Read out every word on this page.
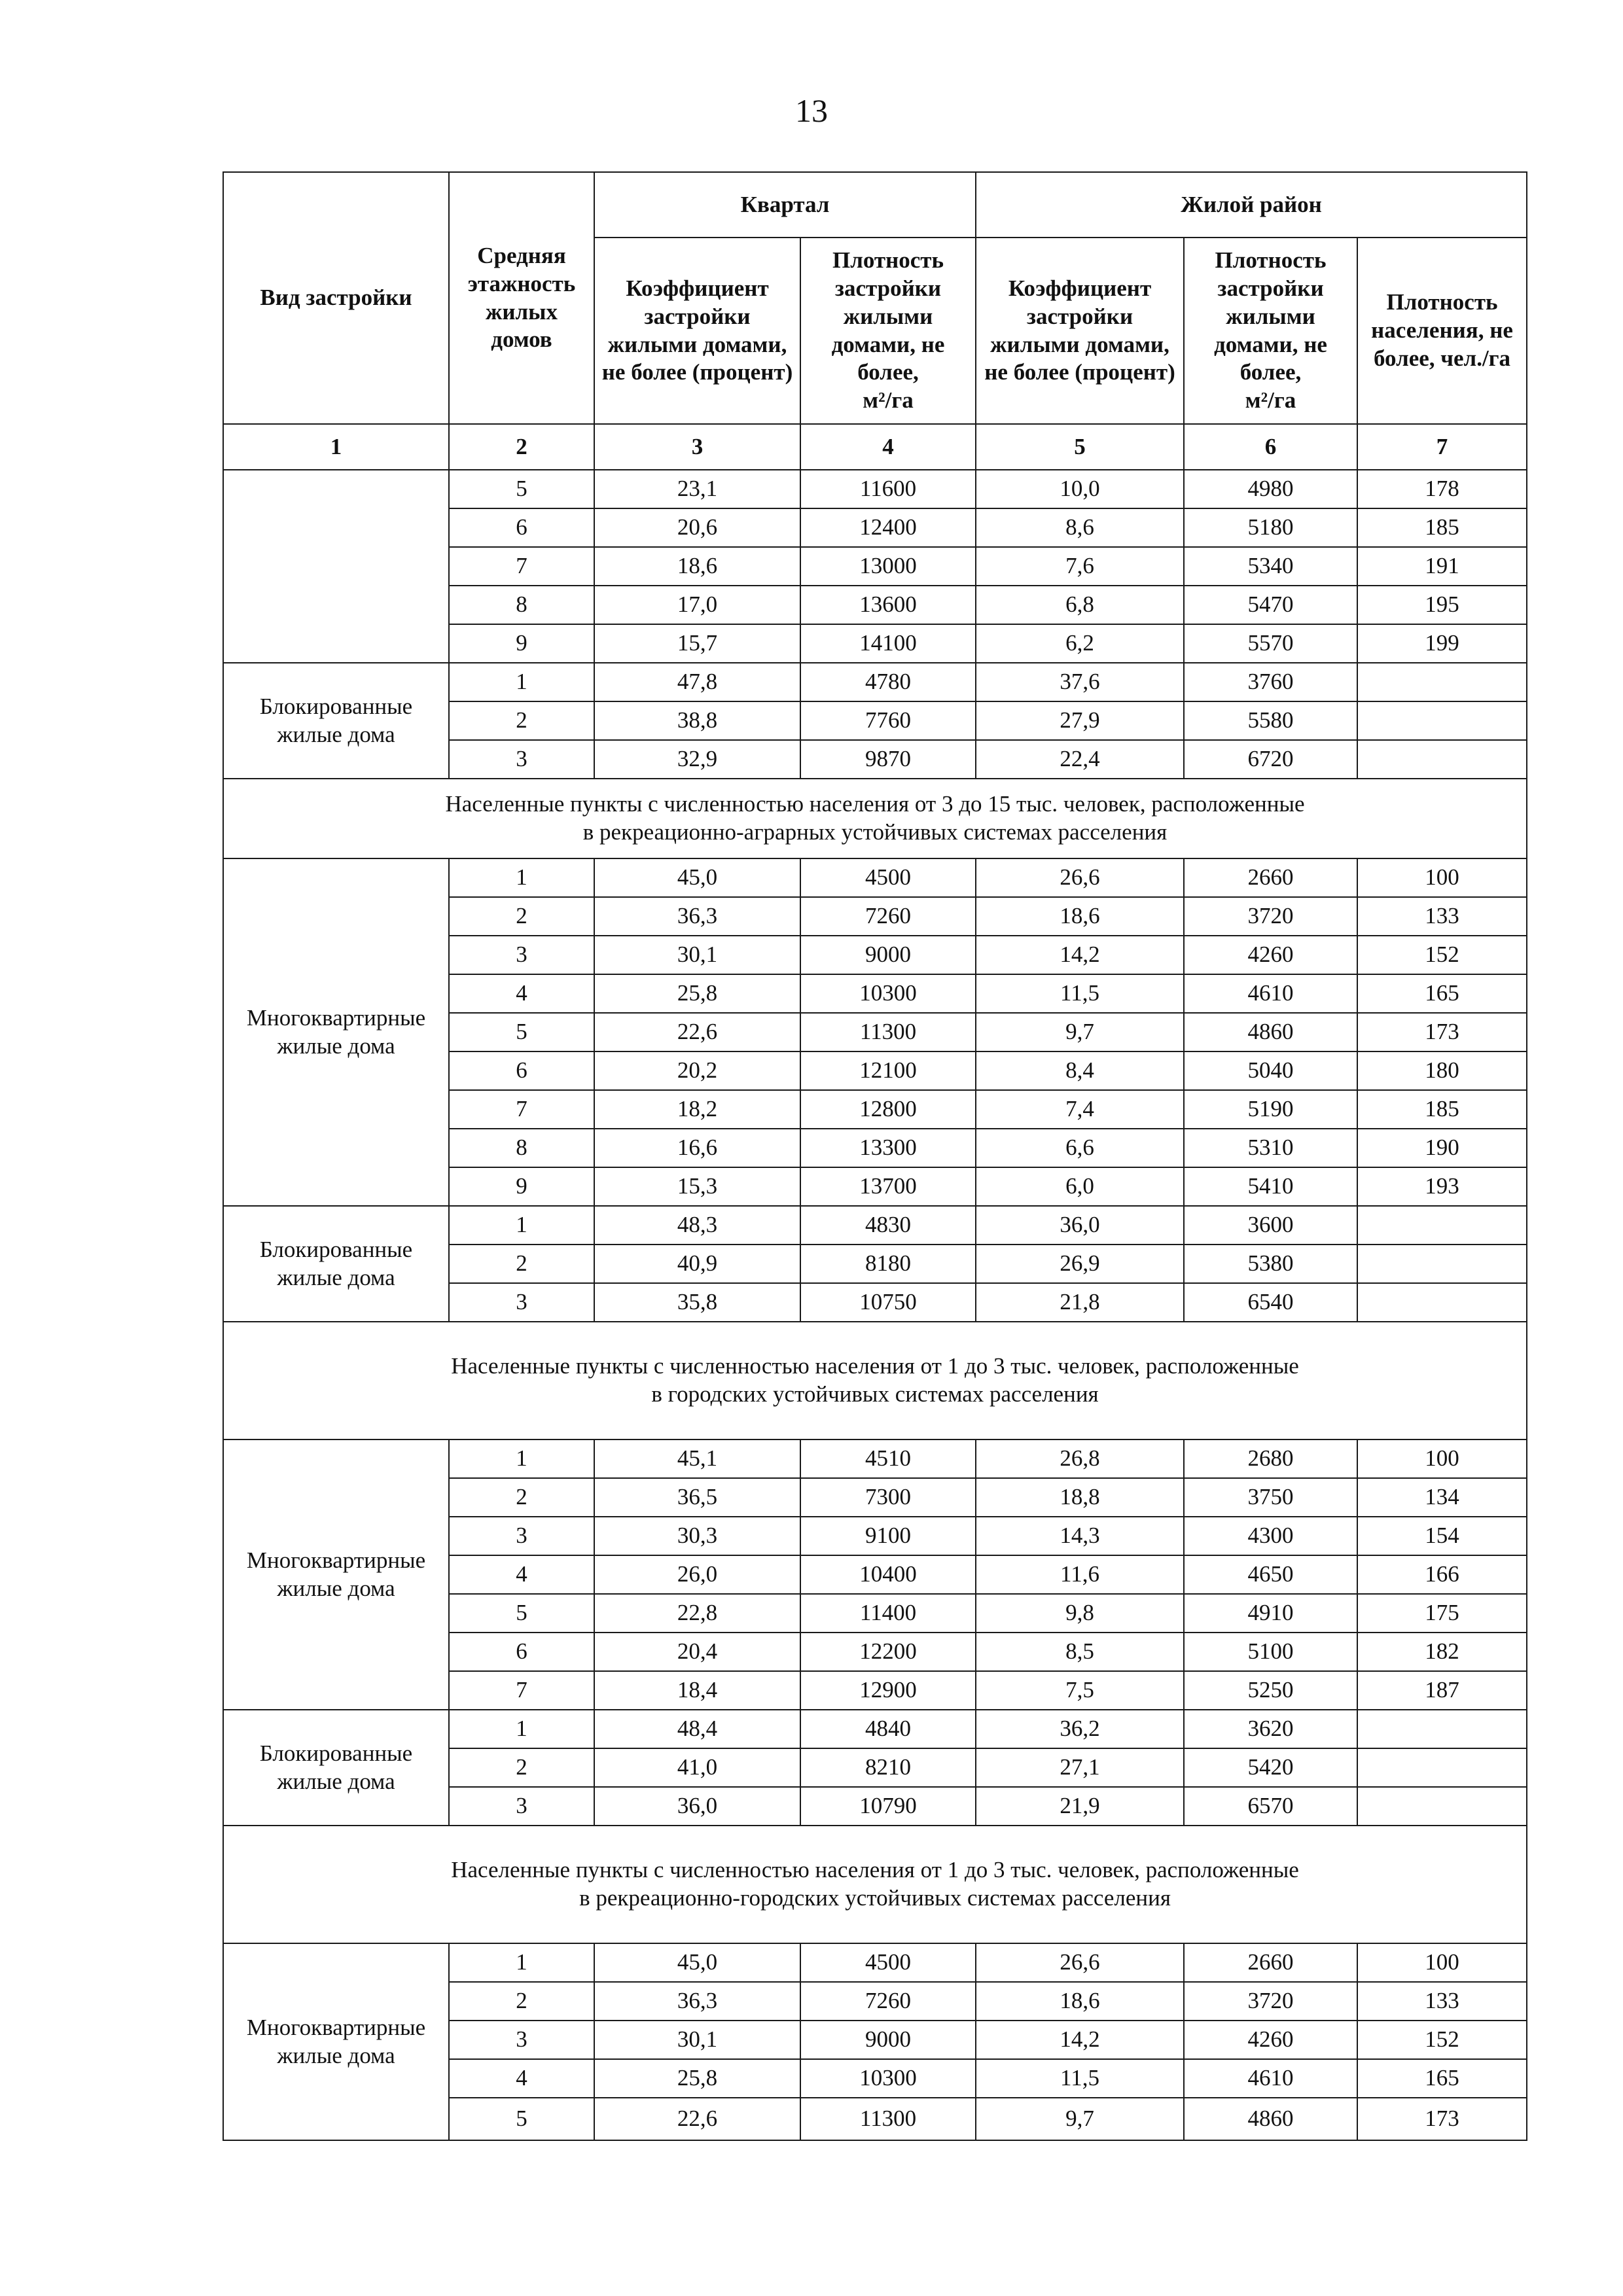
13
Вид застройки	Средняя этажность жилых домов	Квартал		Жилой район		
		Коэффициент застройки жилыми домами, не более (процент)	Плотность застройки жилыми домами, не более,
м²/га	Коэффициент застройки жилыми домами, не более (процент)	Плотность застройки жилыми домами, не более,
м²/га	Плотность населения, не более, чел./га
1	2	3	4	5	6	7
	5	23,1	11600	10,0	4980	178
	6	20,6	12400	8,6	5180	185
	7	18,6	13000	7,6	5340	191
	8	17,0	13600	6,8	5470	195
	9	15,7	14100	6,2	5570	199
Блокированные жилые дома	1	47,8	4780	37,6	3760	
	2	38,8	7760	27,9	5580	
	3	32,9	9870	22,4	6720	
Населенные пункты с численностью населения от 3 до 15 тыс. человек, расположенные
в рекреационно-аграрных устойчивых системах расселения						
Многоквартирные жилые дома	1	45,0	4500	26,6	2660	100
	2	36,3	7260	18,6	3720	133
	3	30,1	9000	14,2	4260	152
	4	25,8	10300	11,5	4610	165
	5	22,6	11300	9,7	4860	173
	6	20,2	12100	8,4	5040	180
	7	18,2	12800	7,4	5190	185
	8	16,6	13300	6,6	5310	190
	9	15,3	13700	6,0	5410	193
Блокированные жилые дома	1	48,3	4830	36,0	3600	
	2	40,9	8180	26,9	5380	
	3	35,8	10750	21,8	6540	
Населенные пункты с численностью населения от 1 до 3 тыс. человек, расположенные
в городских устойчивых системах расселения						
Многоквартирные жилые дома	1	45,1	4510	26,8	2680	100
	2	36,5	7300	18,8	3750	134
	3	30,3	9100	14,3	4300	154
	4	26,0	10400	11,6	4650	166
	5	22,8	11400	9,8	4910	175
	6	20,4	12200	8,5	5100	182
	7	18,4	12900	7,5	5250	187
Блокированные жилые дома	1	48,4	4840	36,2	3620	
	2	41,0	8210	27,1	5420	
	3	36,0	10790	21,9	6570	
Населенные пункты с численностью населения от 1 до 3 тыс. человек, расположенные
в рекреационно-городских устойчивых системах расселения						
Многоквартирные жилые дома	1	45,0	4500	26,6	2660	100
	2	36,3	7260	18,6	3720	133
	3	30,1	9000	14,2	4260	152
	4	25,8	10300	11,5	4610	165
	5	22,6	11300	9,7	4860	173
